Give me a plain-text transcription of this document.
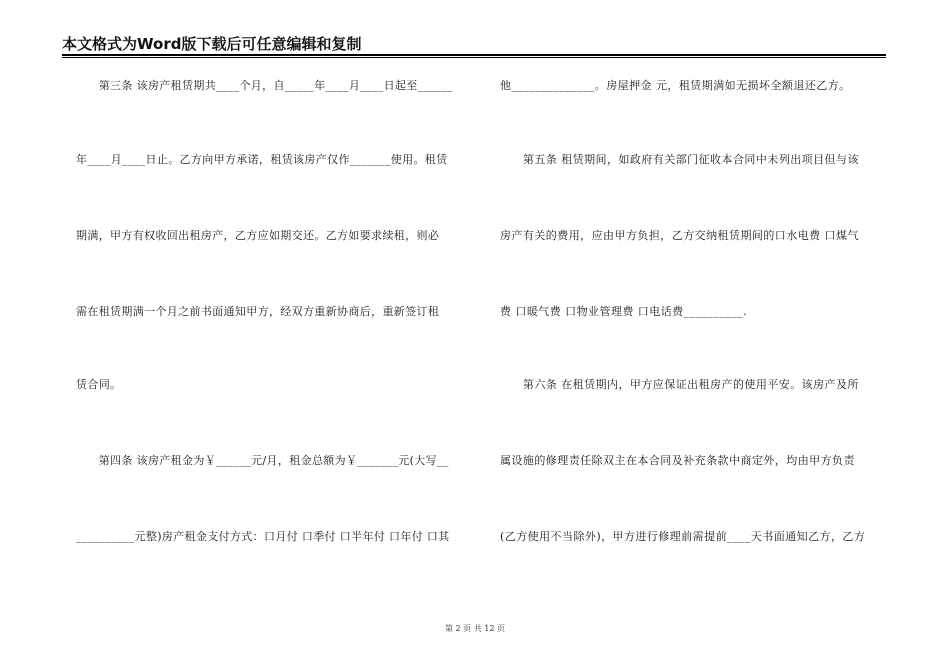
本文格式为Word版下载后可任意编辑和复制
　　第三条 该房产租赁期共____个月，自_____年____月____日起至______
年____月____日止。乙方向甲方承诺，租赁该房产仅作_______使用。租赁
期满，甲方有权收回出租房产，乙方应如期交还。乙方如要求续租，则必
需在租赁期满一个月之前书面通知甲方，经双方重新协商后，重新签订租
赁合同。
　　第四条 该房产租金为￥______元/月，租金总额为￥_______元(大写__
__________元整)房产租金支付方式：口月付 口季付 口半年付 口年付 口其
他______________。房屋押金 元，租赁期满如无损坏全额退还乙方。
　　第五条 租赁期间，如政府有关部门征收本合同中未列出项目但与该
房产有关的费用，应由甲方负担，乙方交纳租赁期间的口水电费 口煤气
费 口暖气费 口物业管理费 口电话费__________.
　　第六条 在租赁期内，甲方应保证出租房产的使用平安。该房产及所
属设施的修理责任除双主在本合同及补充条款中商定外，均由甲方负责
(乙方使用不当除外)，甲方进行修理前需提前____天书面通知乙方，乙方
第 2 页 共 12 页
